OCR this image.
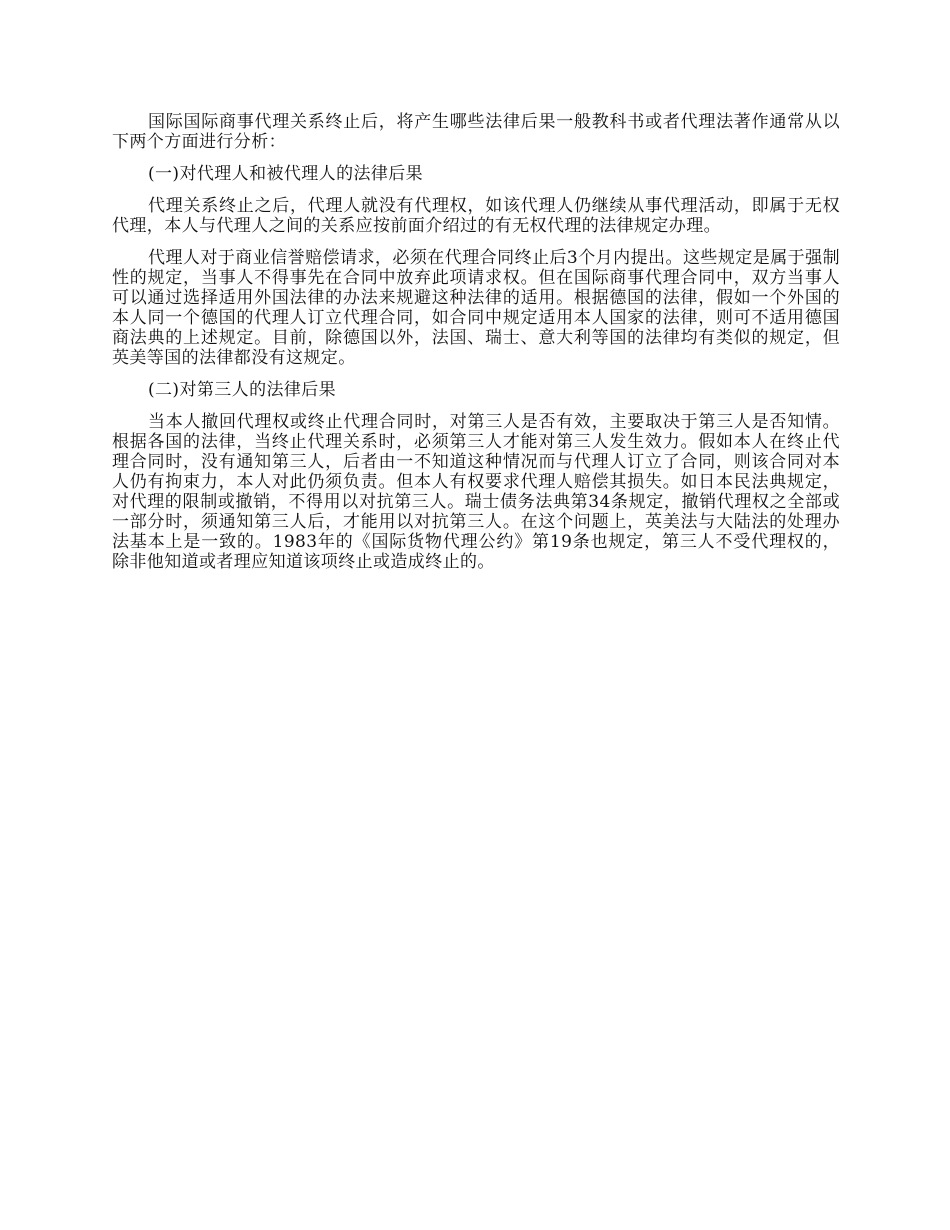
国际国际商事代理关系终止后，将产生哪些法律后果一般教科书或者代理法著作通常从以下两个方面进行分析：

(一)对代理人和被代理人的法律后果

代理关系终止之后，代理人就没有代理权，如该代理人仍继续从事代理活动，即属于无权代理，本人与代理人之间的关系应按前面介绍过的有无权代理的法律规定办理。

代理人对于商业信誉赔偿请求，必须在代理合同终止后3个月内提出。这些规定是属于强制性的规定，当事人不得事先在合同中放弃此项请求权。但在国际商事代理合同中，双方当事人可以通过选择适用外国法律的办法来规避这种法律的适用。根据德国的法律，假如一个外国的本人同一个德国的代理人订立代理合同，如合同中规定适用本人国家的法律，则可不适用德国商法典的上述规定。目前，除德国以外，法国、瑞士、意大利等国的法律均有类似的规定，但英美等国的法律都没有这规定。

(二)对第三人的法律后果

当本人撤回代理权或终止代理合同时，对第三人是否有效，主要取决于第三人是否知情。根据各国的法律，当终止代理关系时，必须第三人才能对第三人发生效力。假如本人在终止代理合同时，没有通知第三人，后者由一不知道这种情况而与代理人订立了合同，则该合同对本人仍有拘束力，本人对此仍须负责。但本人有权要求代理人赔偿其损失。如日本民法典规定，对代理的限制或撤销，不得用以对抗第三人。瑞士债务法典第34条规定，撤销代理权之全部或一部分时，须通知第三人后，才能用以对抗第三人。在这个问题上，英美法与大陆法的处理办法基本上是一致的。1983年的《国际货物代理公约》第19条也规定，第三人不受代理权的，除非他知道或者理应知道该项终止或造成终止的。
